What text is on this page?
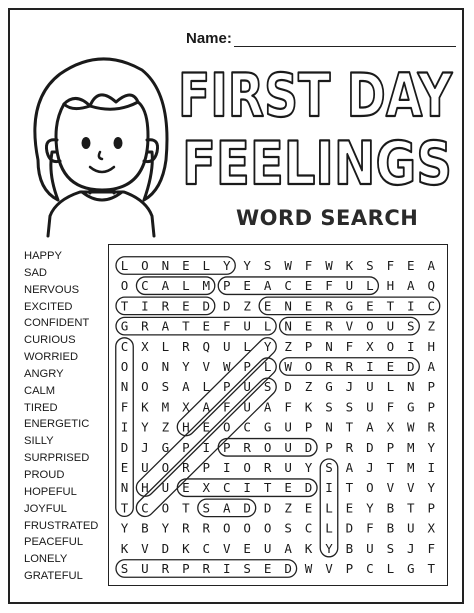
Name:
FIRST DAY
FEELINGS
WORD SEARCH
HAPPY
SAD
NERVOUS
EXCITED
CONFIDENT
CURIOUS
WORRIED
ANGRY
CALM
TIRED
ENERGETIC
SILLY
SURPRISED
PROUD
HOPEFUL
JOYFUL
FRUSTRATED
PEACEFUL
LONELY
GRATEFUL
L O N E L Y Y S W F W K S F E A
O C A L M P E A C E F U L H A Q
T I R E D D Z E N E R G E T I C
G R A T E F U L N E R V O U S Z
C X L R Q U L Y Z P N F X O I H
O O N Y V W P L W O R R I E D A
N O S A L P U S D Z G J U L N P
F K M X A F U A F K S S U F G P
I Y Z H E O C G U P N T A X W R
D J G P I P R O U D P R D P M Y
E U O R P I O R U Y S A J T M I
N H U E X C I T E D I T O V V Y
T C O T S A D D Z E L E Y B T P
Y B Y R R O O O S C L D F B U X
K V D K C V E U A K Y B U S J F
S U R P R I S E D W V P C L G T
